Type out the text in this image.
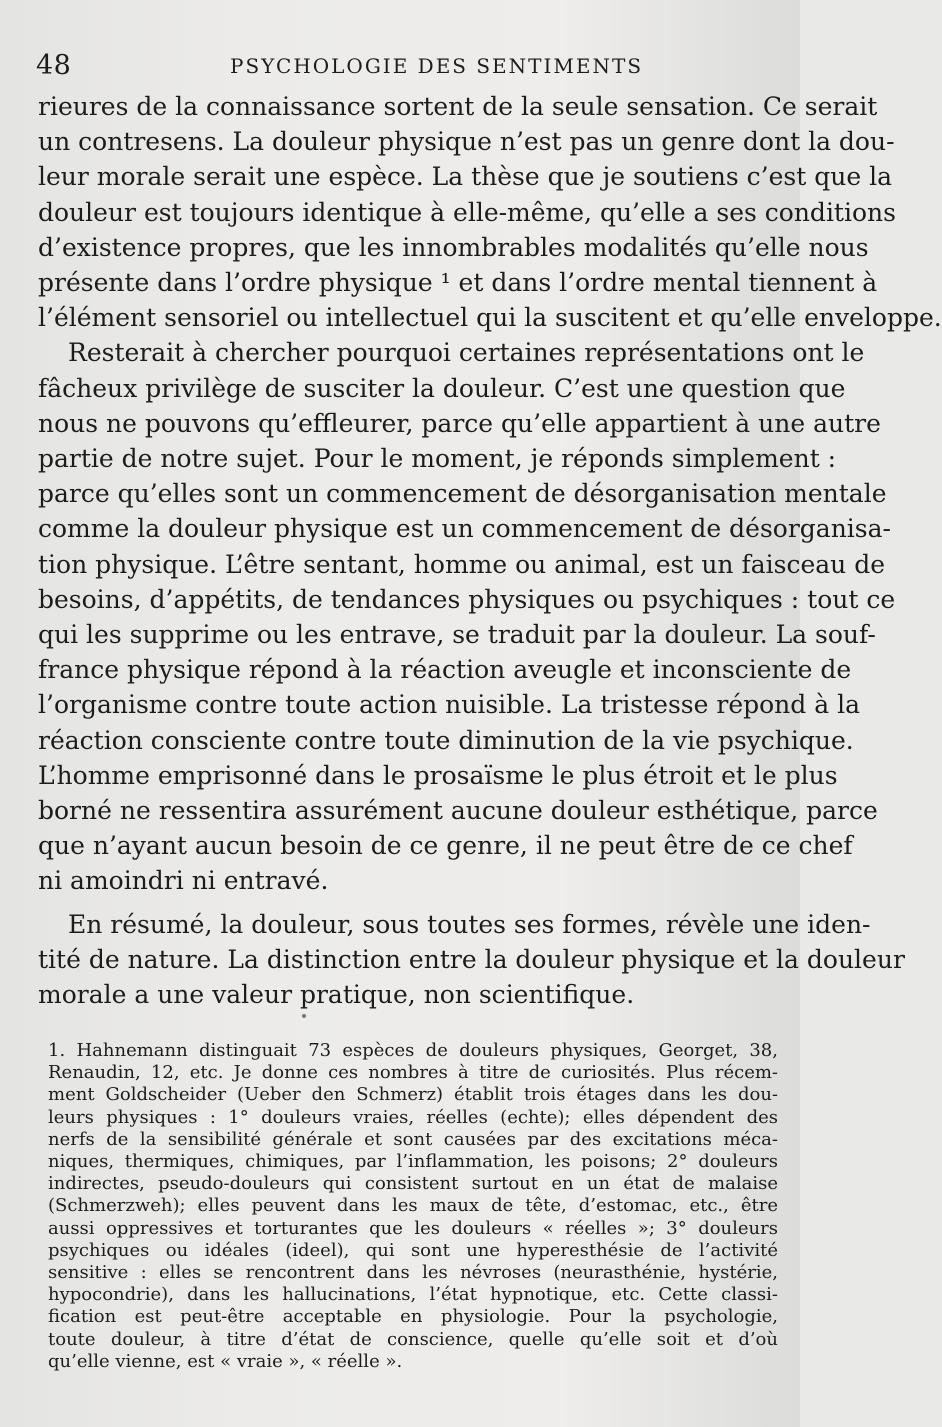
48	PSYCHOLOGIE DES SENTIMENTS
rieures de la connaissance sortent de la seule sensation. Ce serait
un contresens. La douleur physique n’est pas un genre dont la dou-
leur morale serait une espèce. La thèse que je soutiens c’est que la
douleur est toujours identique à elle-même, qu’elle a ses conditions
d’existence propres, que les innombrables modalités qu’elle nous
présente dans l’ordre physique ¹ et dans l’ordre mental tiennent à
l’élément sensoriel ou intellectuel qui la suscitent et qu’elle enveloppe.
Resterait à chercher pourquoi certaines représentations ont le
fâcheux privilège de susciter la douleur. C’est une question que
nous ne pouvons qu’effleurer, parce qu’elle appartient à une autre
partie de notre sujet. Pour le moment, je réponds simplement :
parce qu’elles sont un commencement de désorganisation mentale
comme la douleur physique est un commencement de désorganisa-
tion physique. L’être sentant, homme ou animal, est un faisceau de
besoins, d’appétits, de tendances physiques ou psychiques : tout ce
qui les supprime ou les entrave, se traduit par la douleur. La souf-
france physique répond à la réaction aveugle et inconsciente de
l’organisme contre toute action nuisible. La tristesse répond à la
réaction consciente contre toute diminution de la vie psychique.
L’homme emprisonné dans le prosaïsme le plus étroit et le plus
borné ne ressentira assurément aucune douleur esthétique, parce
que n’ayant aucun besoin de ce genre, il ne peut être de ce chef
ni amoindri ni entravé.
En résumé, la douleur, sous toutes ses formes, révèle une iden-
tité de nature. La distinction entre la douleur physique et la douleur
morale a une valeur pratique, non scientifique.
1. Hahnemann distinguait 73 espèces de douleurs physiques, Georget, 38,
Renaudin, 12, etc. Je donne ces nombres à titre de curiosités. Plus récem-
ment Goldscheider (Ueber den Schmerz) établit trois étages dans les dou-
leurs physiques : 1° douleurs vraies, réelles (echte); elles dépendent des
nerfs de la sensibilité générale et sont causées par des excitations méca-
niques, thermiques, chimiques, par l’inflammation, les poisons; 2° douleurs
indirectes, pseudo-douleurs qui consistent surtout en un état de malaise
(Schmerzweh); elles peuvent dans les maux de tête, d’estomac, etc., être
aussi oppressives et torturantes que les douleurs « réelles »; 3° douleurs
psychiques ou idéales (ideel), qui sont une hyperesthésie de l’activité
sensitive : elles se rencontrent dans les névroses (neurasthénie, hystérie,
hypocondrie), dans les hallucinations, l’état hypnotique, etc. Cette classi-
fication est peut-être acceptable en physiologie. Pour la psychologie,
toute douleur, à titre d’état de conscience, quelle qu’elle soit et d’où
qu’elle vienne, est « vraie », « réelle ».
